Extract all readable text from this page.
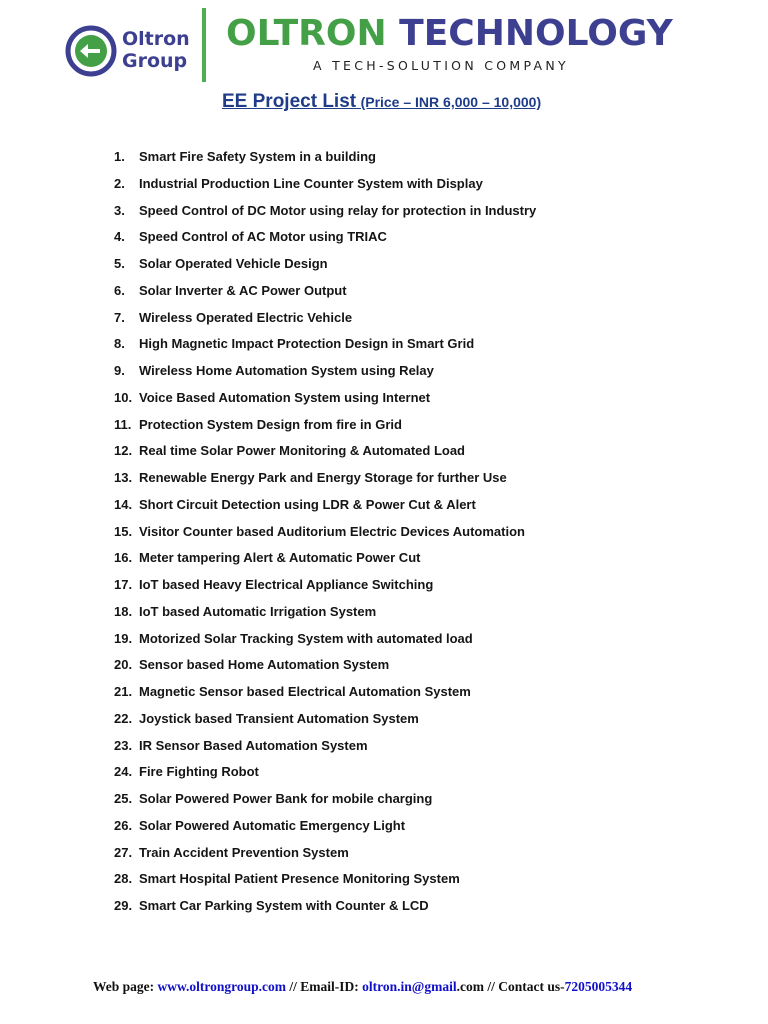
Oltron
Group
OLTRON TECHNOLOGY
A TECH-SOLUTION COMPANY
EE Project List (Price – INR 6,000 – 10,000)
1. Smart Fire Safety System in a building
2. Industrial Production Line Counter System with Display
3. Speed Control of DC Motor using relay for protection in Industry
4. Speed Control of AC Motor using TRIAC
5. Solar Operated Vehicle Design
6. Solar Inverter & AC Power Output
7. Wireless Operated Electric Vehicle
8. High Magnetic Impact Protection Design in Smart Grid
9. Wireless Home Automation System using Relay
10. Voice Based Automation System using Internet
11. Protection System Design from fire in Grid
12. Real time Solar Power Monitoring & Automated Load
13. Renewable Energy Park and Energy Storage for further Use
14. Short Circuit Detection using LDR & Power Cut & Alert
15. Visitor Counter based Auditorium Electric Devices Automation
16. Meter tampering Alert & Automatic Power Cut
17. IoT based Heavy Electrical Appliance Switching
18. IoT based Automatic Irrigation System
19. Motorized Solar Tracking System with automated load
20. Sensor based Home Automation System
21. Magnetic Sensor based Electrical Automation System
22. Joystick based Transient Automation System
23. IR Sensor Based Automation System
24. Fire Fighting Robot
25. Solar Powered Power Bank for mobile charging
26. Solar Powered Automatic Emergency Light
27. Train Accident Prevention System
28. Smart Hospital Patient Presence Monitoring System
29. Smart Car Parking System with Counter & LCD
Web page: www.oltrongroup.com // Email-ID: oltron.in@gmail.com // Contact us-7205005344
